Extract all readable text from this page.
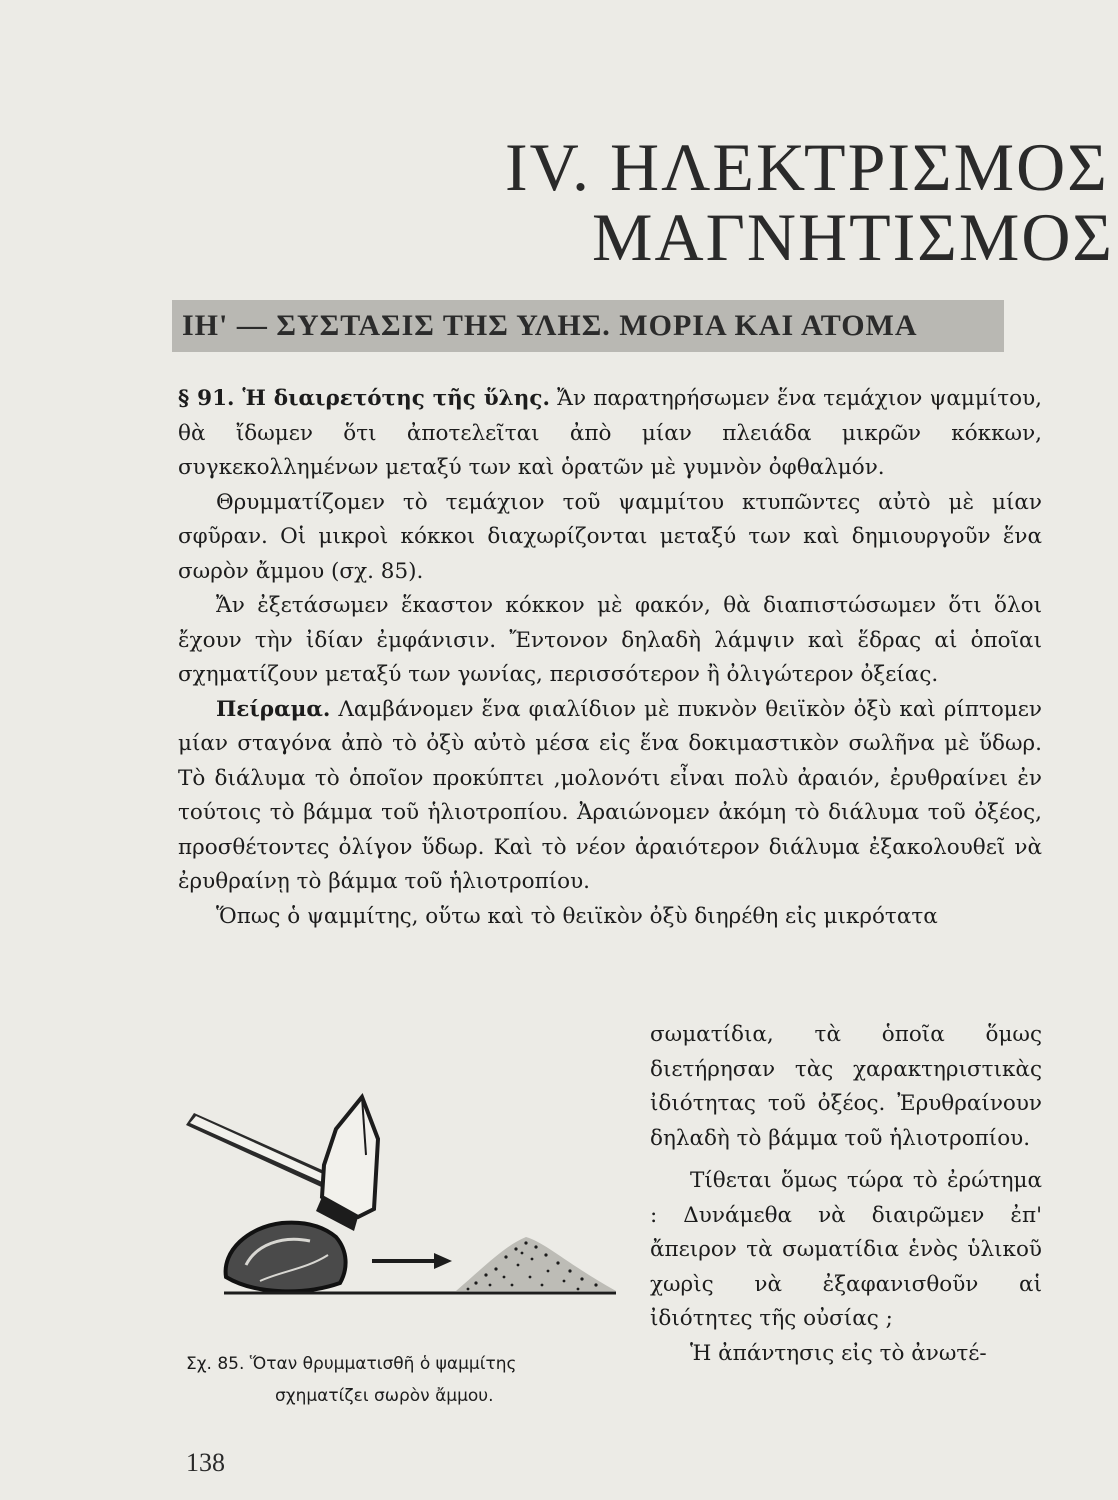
IV. ΗΛΕΚΤΡΙΣΜΟΣ
ΜΑΓΝΗΤΙΣΜΟΣ
ΙΗ' — ΣΥΣΤΑΣΙΣ ΤΗΣ ΥΛΗΣ. ΜΟΡΙΑ ΚΑΙ ΑΤΟΜΑ

§ 91. Ἡ διαιρετότης τῆς ὕλης. Ἄν παρατηρήσωμεν ἕνα τεμάχιον ψαμμίτου, θὰ ἴδωμεν ὅτι ἀποτελεῖται ἀπὸ μίαν πλειάδα μικρῶν κόκκων, συγκεκολλημένων μεταξύ των καὶ ὁρατῶν μὲ γυμνὸν ὀφθαλμόν.

Θρυμματίζομεν τὸ τεμάχιον τοῦ ψαμμίτου κτυπῶντες αὐτὸ μὲ μίαν σφῦραν. Οἱ μικροὶ κόκκοι διαχωρίζονται μεταξύ των καὶ δημιουργοῦν ἕνα σωρὸν ἄμμου (σχ. 85).

Ἄν ἐξετάσωμεν ἕκαστον κόκκον μὲ φακόν, θὰ διαπιστώσωμεν ὅτι ὅλοι ἔχουν τὴν ἰδίαν ἐμφάνισιν. Ἔντονον δηλαδὴ λάμψιν καὶ ἕδρας αἱ ὁποῖαι σχηματίζουν μεταξύ των γωνίας, περισσότερον ἢ ὀλιγώτερον ὀξείας.

Πείραμα. Λαμβάνομεν ἕνα φιαλίδιον μὲ πυκνὸν θειϊκὸν ὀξὺ καὶ ρίπτομεν μίαν σταγόνα ἀπὸ τὸ ὀξὺ αὐτὸ μέσα εἰς ἕνα δοκιμαστικὸν σωλῆνα μὲ ὕδωρ. Τὸ διάλυμα τὸ ὁποῖον προκύπτει ,μολονότι εἶναι πολὺ ἀραιόν, ἐρυθραίνει ἐν τούτοις τὸ βάμμα τοῦ ἡλιοτροπίου. Ἀραιώνομεν ἀκόμη τὸ διάλυμα τοῦ ὀξέος, προσθέτοντες ὀλίγον ὕδωρ. Καὶ τὸ νέον ἀραιότερον διάλυμα ἐξακολουθεῖ νὰ ἐρυθραίνῃ τὸ βάμμα τοῦ ἡλιοτροπίου.

Ὅπως ὁ ψαμμίτης, οὕτω καὶ τὸ θειϊκὸν ὀξὺ διηρέθη εἰς μικρότατα

σωματίδια, τὰ ὁποῖα ὅμως διετήρησαν τὰς χαρακτηριστικὰς ἰδιότητας τοῦ ὀξέος. Ἐρυθραίνουν δηλαδὴ τὸ βάμμα τοῦ ἡλιοτροπίου.

Τίθεται ὅμως τώρα τὸ ἐρώτημα : Δυνάμεθα νὰ διαιρῶμεν ἐπ' ἄπειρον τὰ σωματίδια ἑνὸς ὑλικοῦ χωρὶς νὰ ἐξαφανισθοῦν αἱ ἰδιότητες τῆς οὐσίας ;

Ἡ ἀπάντησις εἰς τὸ ἀνωτέ-

Σχ. 85. Ὅταν θρυμματισθῆ ὁ ψαμμίτης
σχηματίζει σωρὸν ἄμμου.
138
